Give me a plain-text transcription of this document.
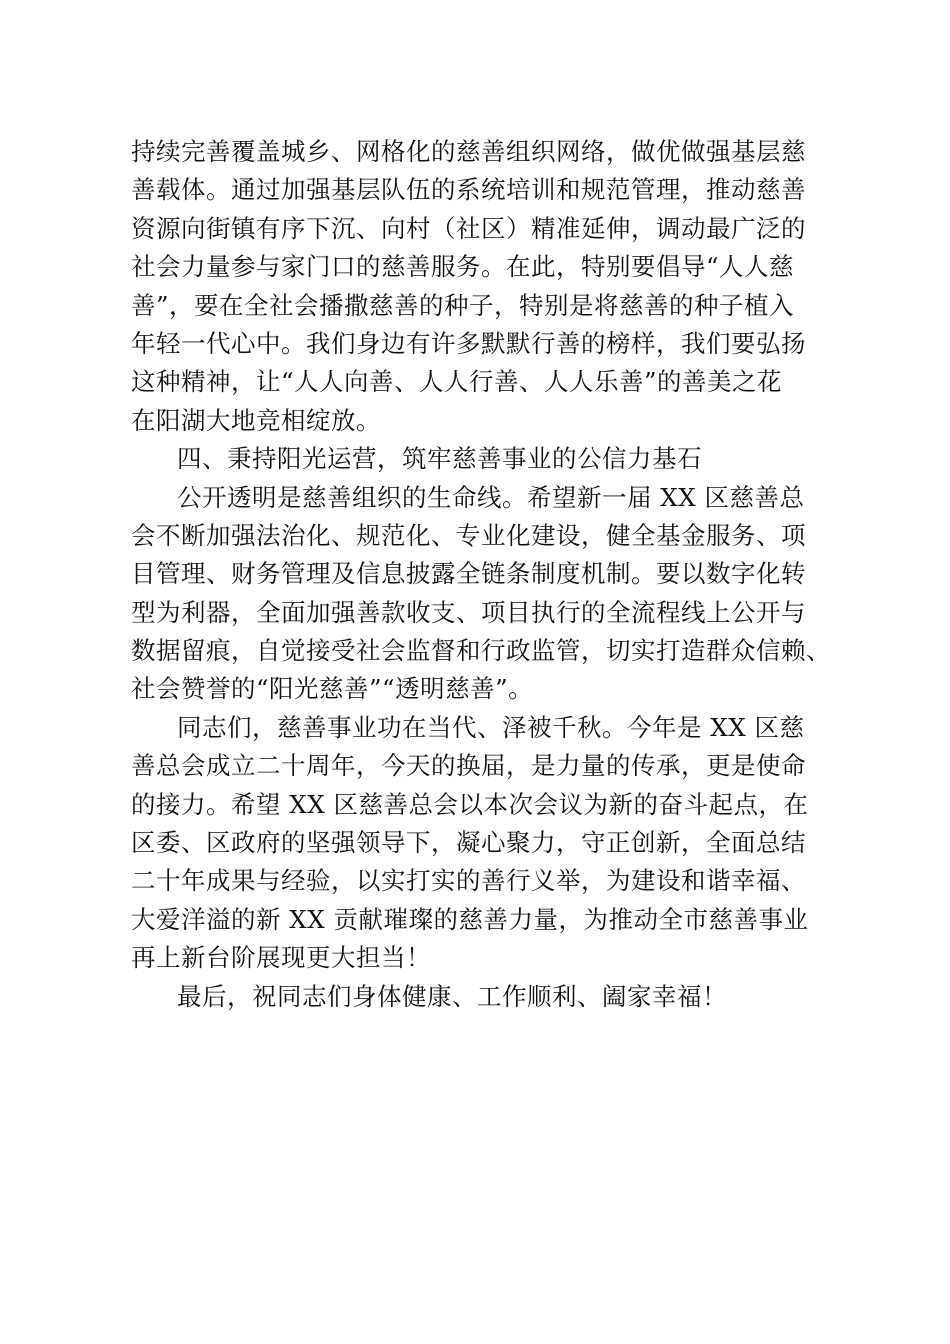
持续完善覆盖城乡、网格化的慈善组织网络，做优做强基层慈
善载体。通过加强基层队伍的系统培训和规范管理，推动慈善
资源向街镇有序下沉、向村（社区）精准延伸，调动最广泛的
社会力量参与家门口的慈善服务。在此，特别要倡导“人人慈
善”，要在全社会播撒慈善的种子，特别是将慈善的种子植入
年轻一代心中。我们身边有许多默默行善的榜样，我们要弘扬
这种精神，让“人人向善、人人行善、人人乐善”的善美之花
在阳湖大地竞相绽放。
四、秉持阳光运营，筑牢慈善事业的公信力基石
公开透明是慈善组织的生命线。希望新一届 XX 区慈善总
会不断加强法治化、规范化、专业化建设，健全基金服务、项
目管理、财务管理及信息披露全链条制度机制。要以数字化转
型为利器，全面加强善款收支、项目执行的全流程线上公开与
数据留痕，自觉接受社会监督和行政监管，切实打造群众信赖、
社会赞誉的“阳光慈善”“透明慈善”。
同志们，慈善事业功在当代、泽被千秋。今年是 XX 区慈
善总会成立二十周年，今天的换届，是力量的传承，更是使命
的接力。希望 XX 区慈善总会以本次会议为新的奋斗起点，在
区委、区政府的坚强领导下，凝心聚力，守正创新，全面总结
二十年成果与经验，以实打实的善行义举，为建设和谐幸福、
大爱洋溢的新 XX 贡献璀璨的慈善力量，为推动全市慈善事业
再上新台阶展现更大担当！
最后，祝同志们身体健康、工作顺利、阖家幸福！
